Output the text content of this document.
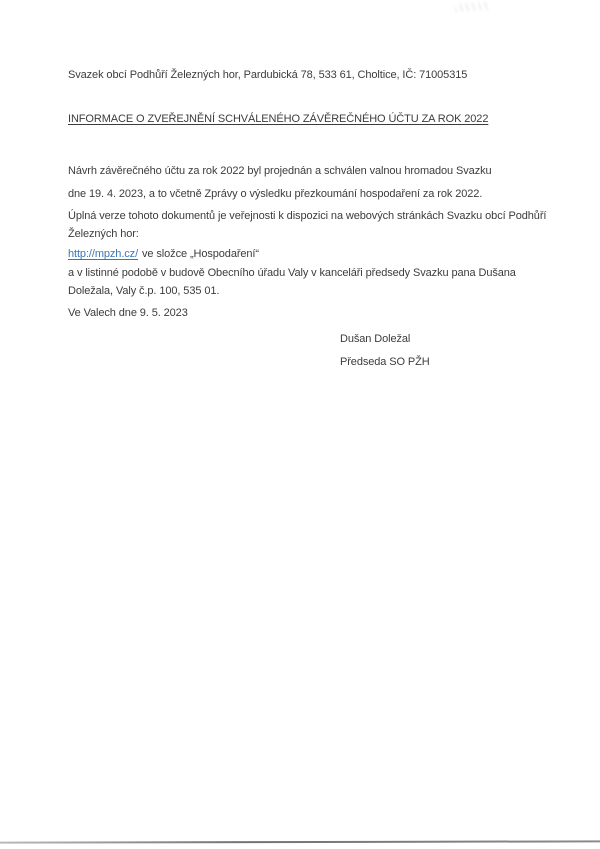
Svazek obcí Podhůří Železných hor, Pardubická 78, 533 61, Choltice, IČ: 71005315
INFORMACE O ZVEŘEJNĚNÍ SCHVÁLENÉHO ZÁVĚREČNÉHO ÚČTU ZA ROK 2022
Návrh závěrečného účtu za rok 2022 byl projednán a schválen valnou hromadou Svazku
dne 19. 4. 2023, a to včetně Zprávy o výsledku přezkoumání hospodaření za rok 2022.
Úplná verze tohoto dokumentů je veřejnosti k dispozici na webových stránkách Svazku obcí Podhůří
Železných hor:
http://mpzh.cz/ ve složce „Hospodaření“
a v listinné podobě v budově Obecního úřadu Valy v kanceláři předsedy Svazku pana Dušana
Doležala, Valy č.p. 100, 535 01.
Ve Valech dne 9. 5. 2023
Dušan Doležal
Předseda SO PŽH
